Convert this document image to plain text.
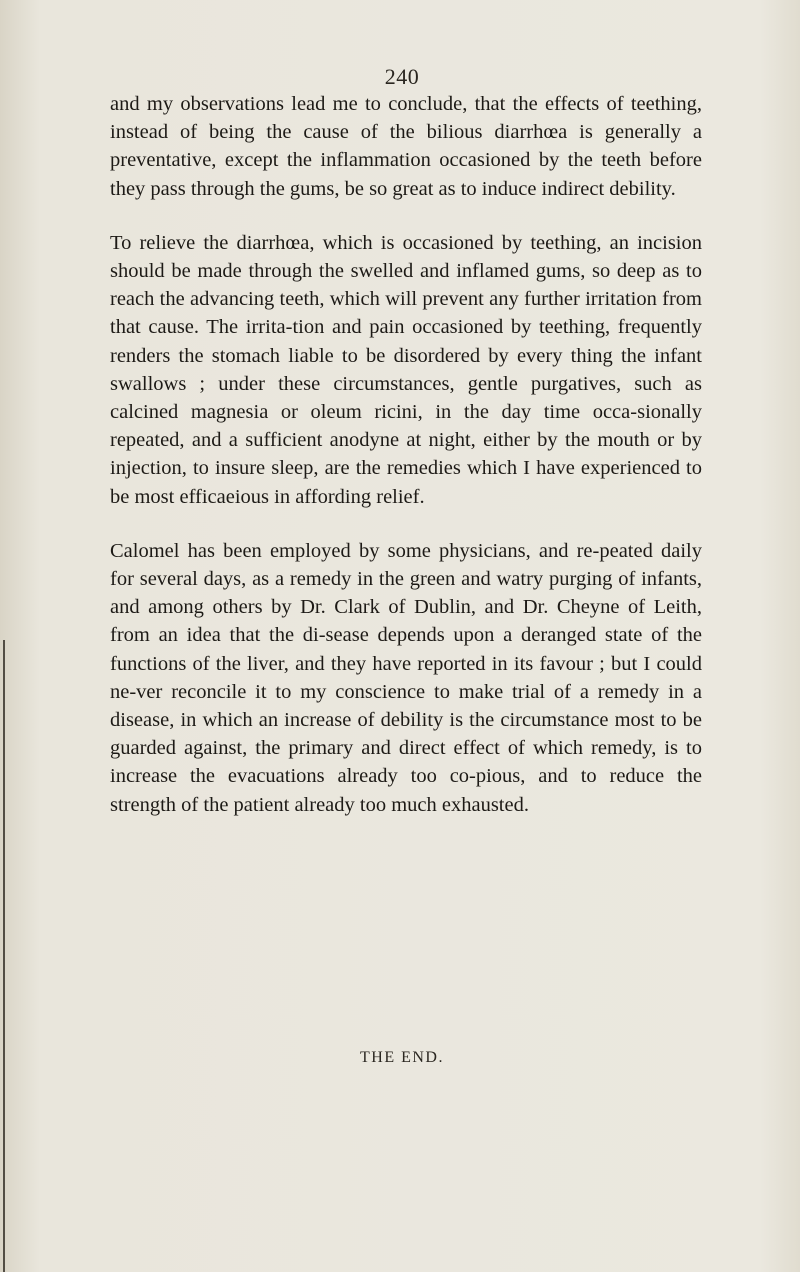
240

and my observations lead me to conclude, that the effects of teething, instead of being the cause of the bilious diarrhœa is generally a preventative, except the inflammation occasioned by the teeth before they pass through the gums, be so great as to induce indirect debility.

To relieve the diarrhœa, which is occasioned by teething, an incision should be made through the swelled and inflamed gums, so deep as to reach the advancing teeth, which will prevent any further irritation from that cause. The irrita-tion and pain occasioned by teething, frequently renders the stomach liable to be disordered by every thing the infant swallows ; under these circumstances, gentle purgatives, such as calcined magnesia or oleum ricini, in the day time occa-sionally repeated, and a sufficient anodyne at night, either by the mouth or by injection, to insure sleep, are the remedies which I have experienced to be most efficaeious in affording relief.

Calomel has been employed by some physicians, and re-peated daily for several days, as a remedy in the green and watry purging of infants, and among others by Dr. Clark of Dublin, and Dr. Cheyne of Leith, from an idea that the di-sease depends upon a deranged state of the functions of the liver, and they have reported in its favour ; but I could ne-ver reconcile it to my conscience to make trial of a remedy in a disease, in which an increase of debility is the circumstance most to be guarded against, the primary and direct effect of which remedy, is to increase the evacuations already too co-pious, and to reduce the strength of the patient already too much exhausted.

THE END.
